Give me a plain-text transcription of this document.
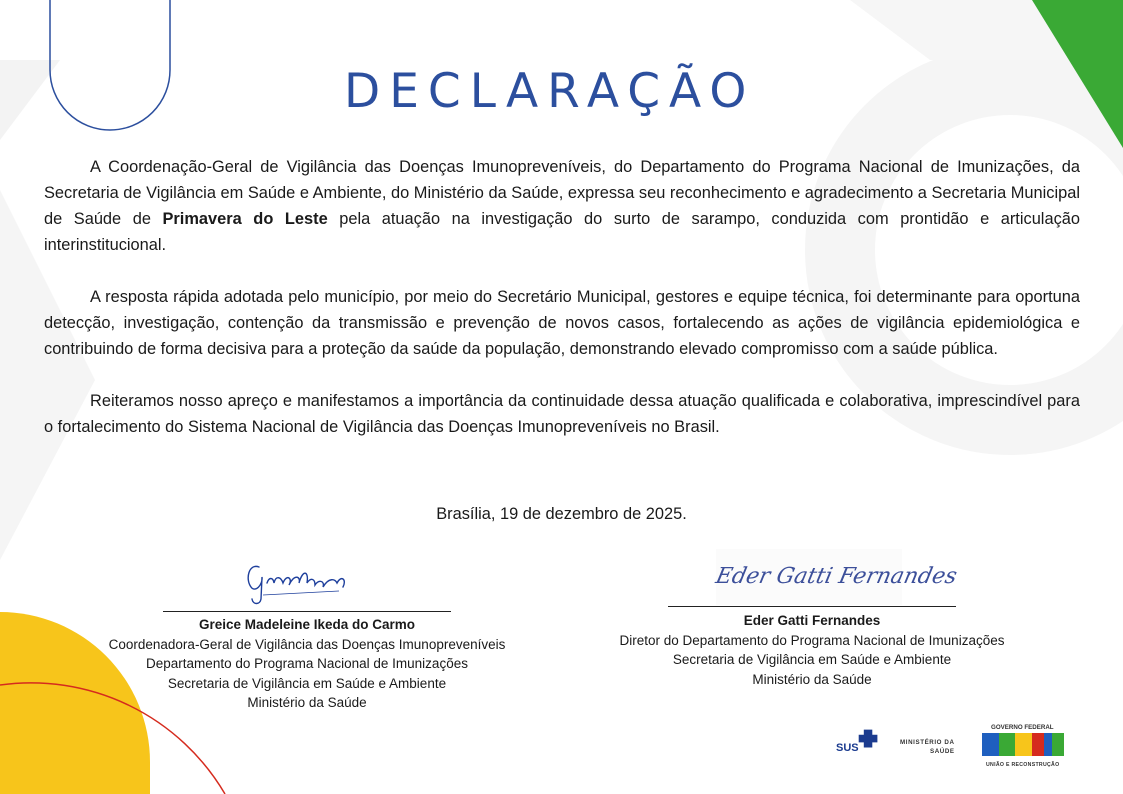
DECLARAÇÃO

A Coordenação-Geral de Vigilância das Doenças Imunopreveníveis, do Departamento do Programa Nacional de Imunizações, da Secretaria de Vigilância em Saúde e Ambiente, do Ministério da Saúde, expressa seu reconhecimento e agradecimento a Secretaria Municipal de Saúde de Primavera do Leste pela atuação na investigação do surto de sarampo, conduzida com prontidão e articulação interinstitucional.

A resposta rápida adotada pelo município, por meio do Secretário Municipal, gestores e equipe técnica, foi determinante para oportuna detecção, investigação, contenção da transmissão e prevenção de novos casos, fortalecendo as ações de vigilância epidemiológica e contribuindo de forma decisiva para a proteção da saúde da população, demonstrando elevado compromisso com a saúde pública.

Reiteramos nosso apreço e manifestamos a importância da continuidade dessa atuação qualificada e colaborativa, imprescindível para o fortalecimento do Sistema Nacional de Vigilância das Doenças Imunopreveníveis no Brasil.

Brasília, 19 de dezembro de 2025.
Greice Madeleine Ikeda do Carmo
Coordenadora-Geral de Vigilância das Doenças Imunopreveníveis
Departamento do Programa Nacional de Imunizações
Secretaria de Vigilância em Saúde e Ambiente
Ministério da Saúde
Eder Gatti Fernandes
Eder Gatti Fernandes
Diretor do Departamento do Programa Nacional de Imunizações
Secretaria de Vigilância em Saúde e Ambiente
Ministério da Saúde
SUS	MINISTÉRIO DA
SAÚDE
GOVERNO FEDERAL
UNIÃO E RECONSTRUÇÃO
